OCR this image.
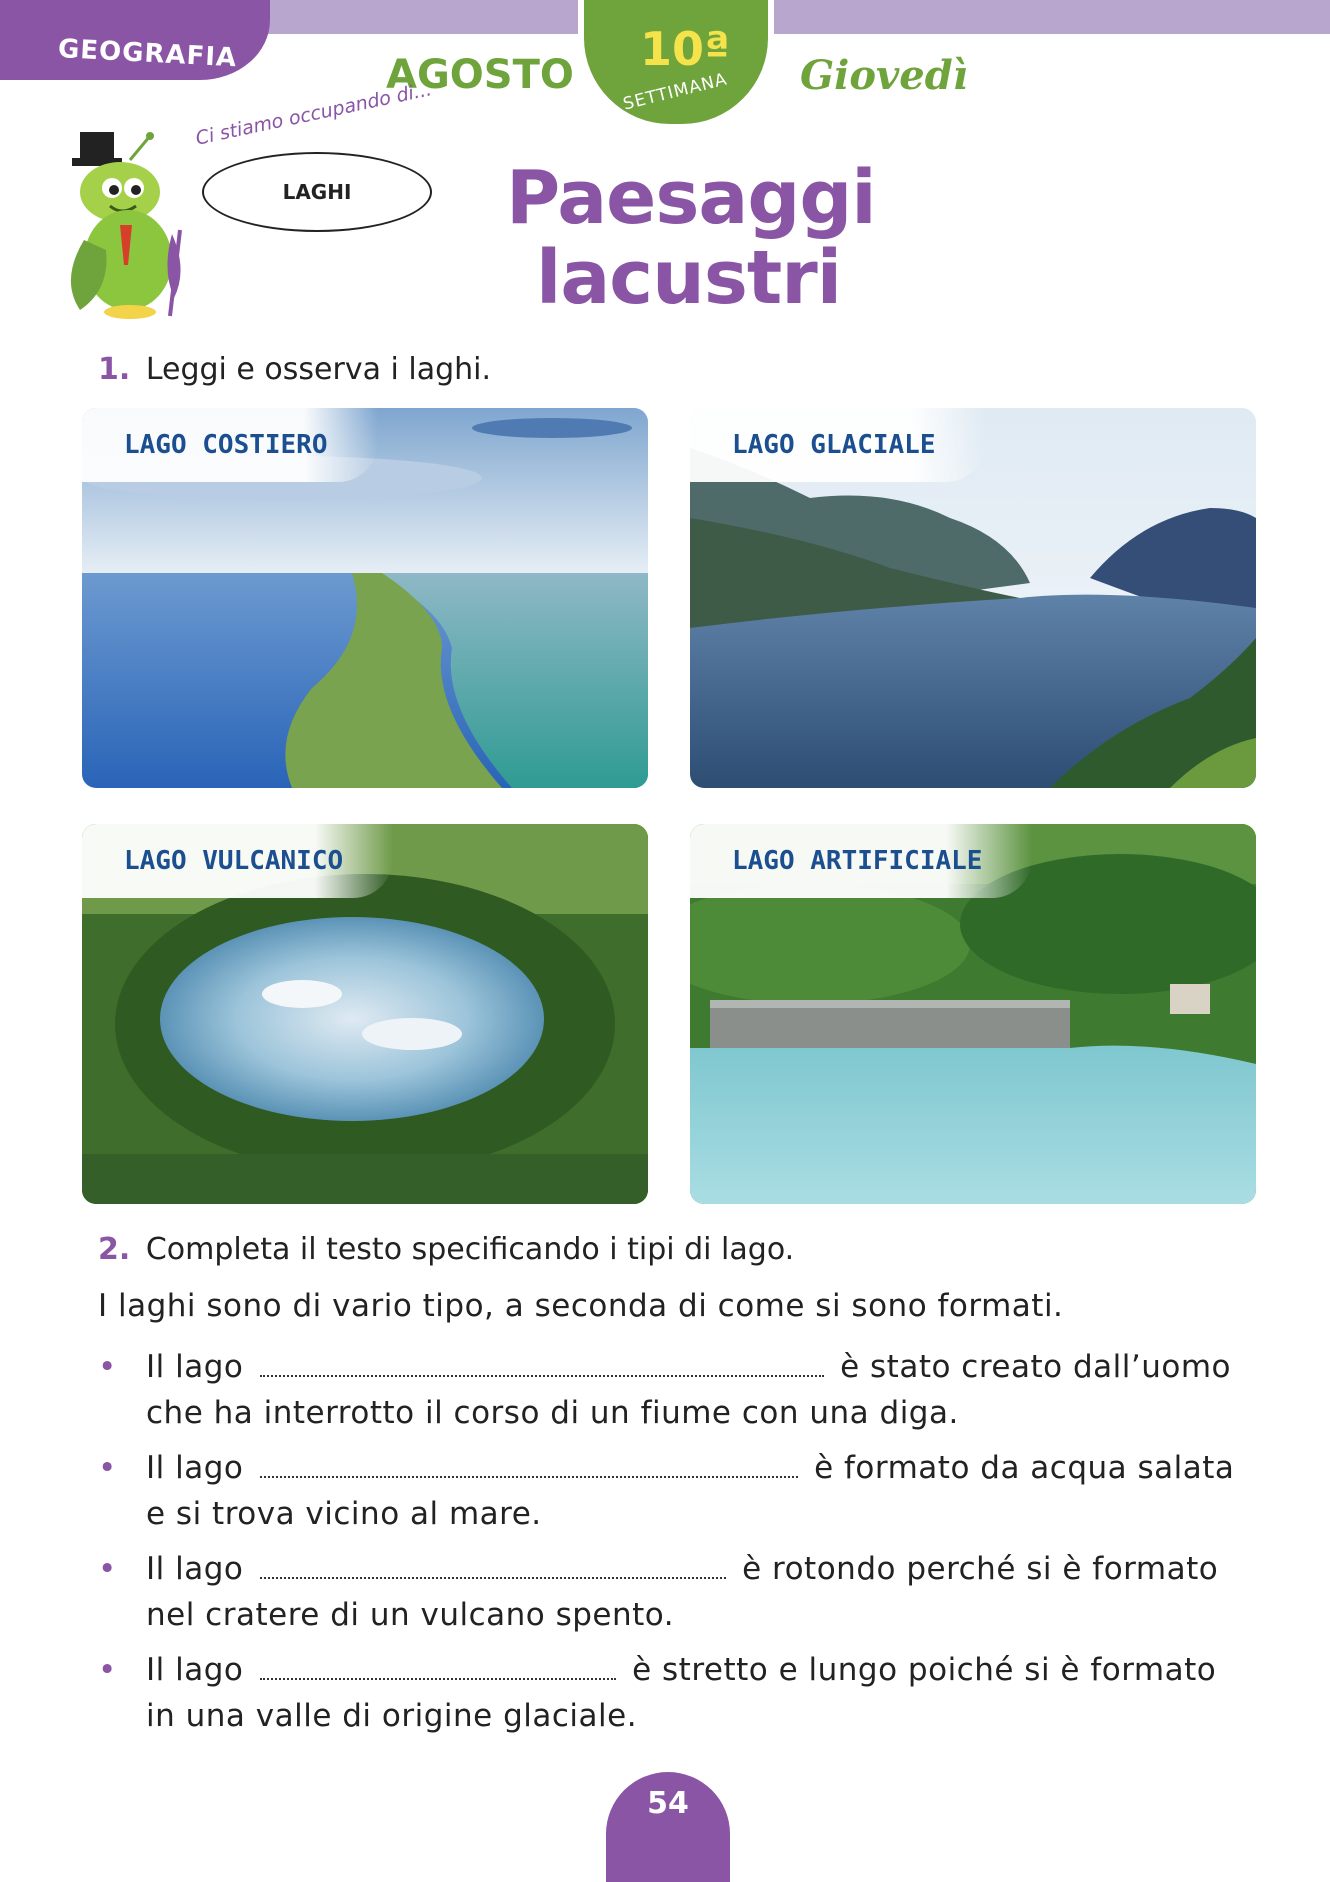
GEOGRAFIA	AGOSTO 10ª
SETTIMANA Giovedì
Ci stiamo occupando di...
LAGHI Paesaggi
lacustri
1. Leggi e osserva i laghi.
LAGO COSTIERO	LAGO GLACIALE
LAGO VULCANICO	LAGO ARTIFICIALE
2. Completa il testo specificando i tipi di lago.
I laghi sono di vario tipo, a seconda di come si sono formati.
• Il lago	è stato creato dall’uomo
che ha interrotto il corso di un fiume con una diga.
• Il lago	è formato da acqua salata
e si trova vicino al mare.
• Il lago	è rotondo perché si è formato
nel cratere di un vulcano spento.
• Il lago	è stretto e lungo poiché si è formato
in una valle di origine glaciale.
54
